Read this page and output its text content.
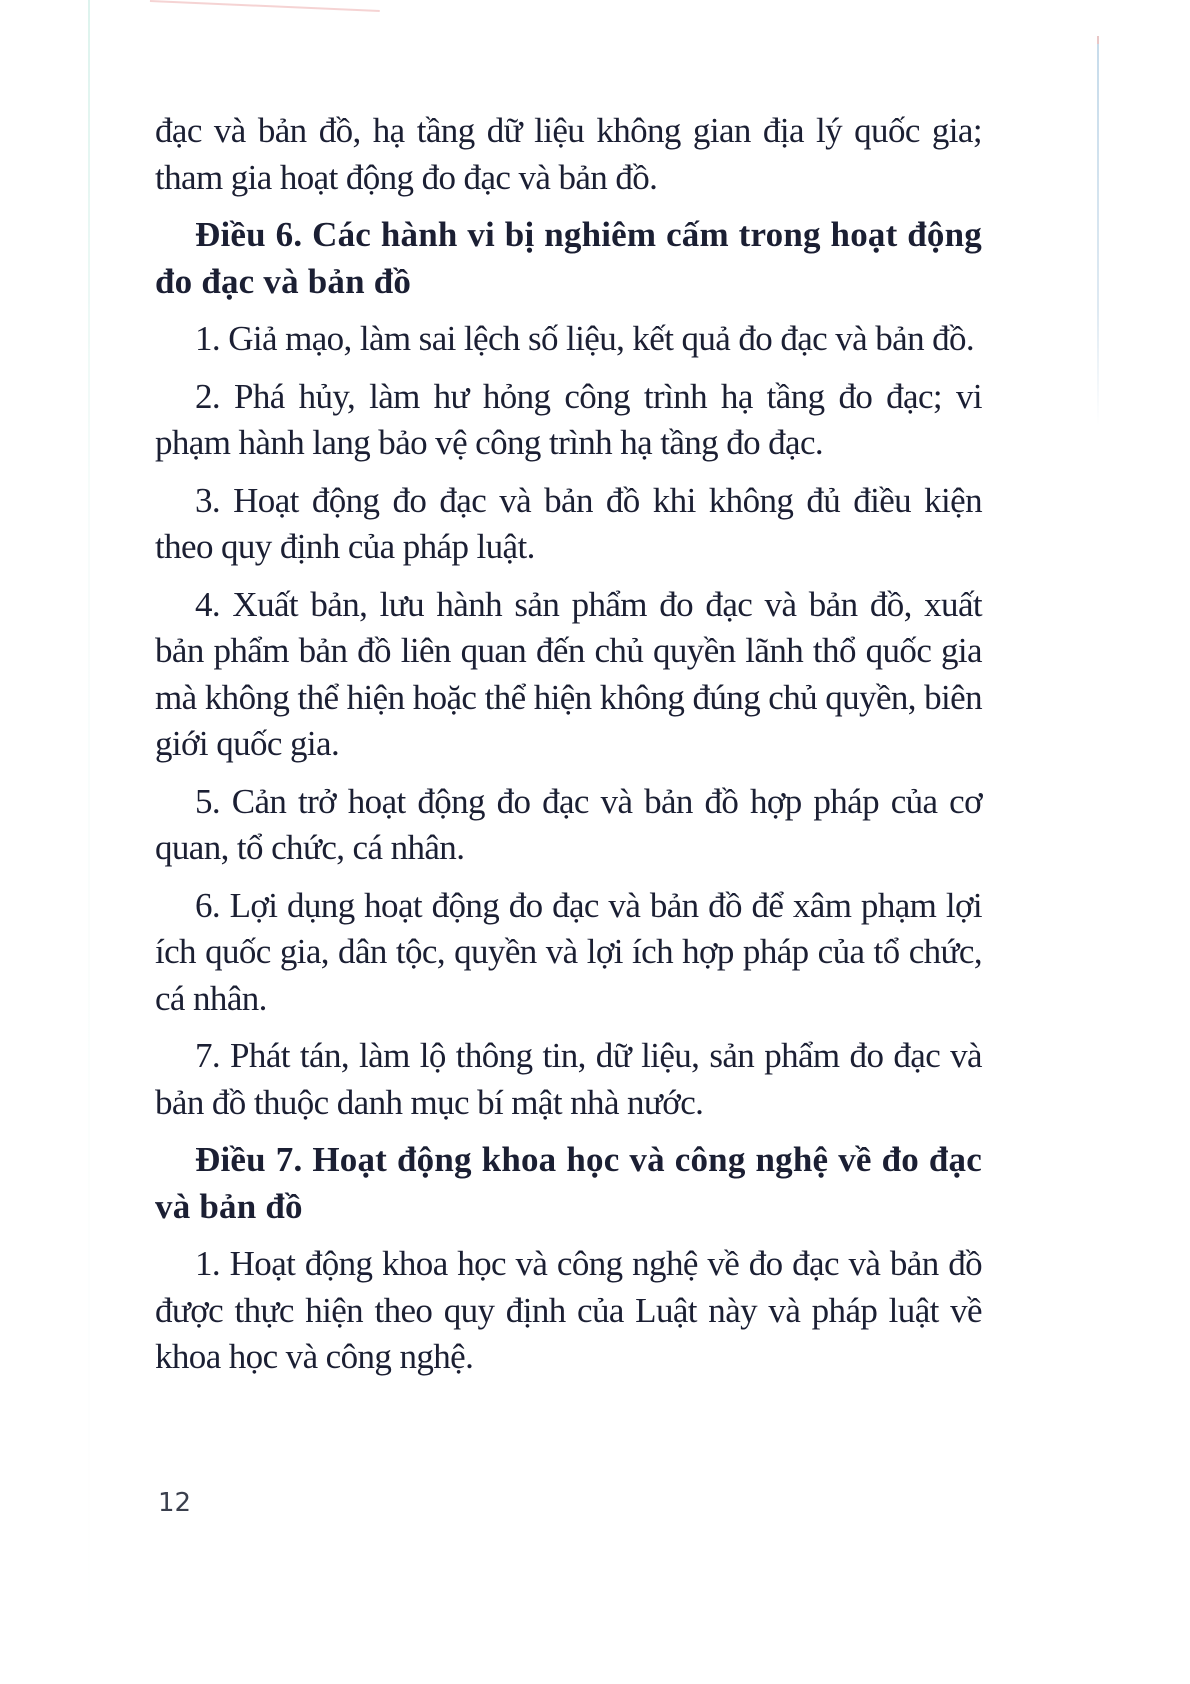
đạc và bản đồ, hạ tầng dữ liệu không gian địa lý quốc gia; tham gia hoạt động đo đạc và bản đồ.

Điều 6. Các hành vi bị nghiêm cấm trong hoạt động đo đạc và bản đồ

1. Giả mạo, làm sai lệch số liệu, kết quả đo đạc và bản đồ.

2. Phá hủy, làm hư hỏng công trình hạ tầng đo đạc; vi phạm hành lang bảo vệ công trình hạ tầng đo đạc.

3. Hoạt động đo đạc và bản đồ khi không đủ điều kiện theo quy định của pháp luật.

4. Xuất bản, lưu hành sản phẩm đo đạc và bản đồ, xuất bản phẩm bản đồ liên quan đến chủ quyền lãnh thổ quốc gia mà không thể hiện hoặc thể hiện không đúng chủ quyền, biên giới quốc gia.

5. Cản trở hoạt động đo đạc và bản đồ hợp pháp của cơ quan, tổ chức, cá nhân.

6. Lợi dụng hoạt động đo đạc và bản đồ để xâm phạm lợi ích quốc gia, dân tộc, quyền và lợi ích hợp pháp của tổ chức, cá nhân.

7. Phát tán, làm lộ thông tin, dữ liệu, sản phẩm đo đạc và bản đồ thuộc danh mục bí mật nhà nước.

Điều 7. Hoạt động khoa học và công nghệ về đo đạc và bản đồ

1. Hoạt động khoa học và công nghệ về đo đạc và bản đồ được thực hiện theo quy định của Luật này và pháp luật về khoa học và công nghệ.

12
